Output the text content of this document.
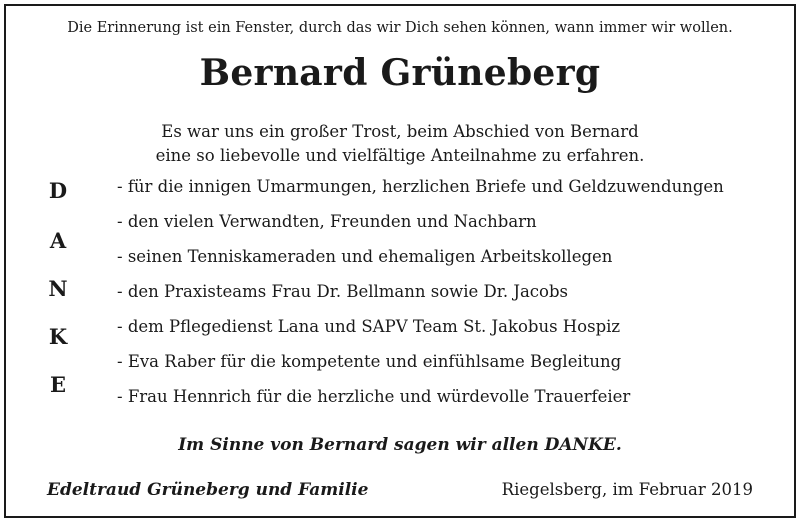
Die Erinnerung ist ein Fenster, durch das wir Dich sehen können, wann immer wir wollen.
Bernard Grüneberg
Es war uns ein großer Trost, beim Abschied von Bernard
eine so liebevolle und vielfältige Anteilnahme zu erfahren.
D
A
N
K
E
- für die innigen Umarmungen, herzlichen Briefe und Geldzuwendungen
- den vielen Verwandten, Freunden und Nachbarn
- seinen Tenniskameraden und ehemaligen Arbeitskollegen
- den Praxisteams Frau Dr. Bellmann sowie Dr. Jacobs
- dem Pflegedienst Lana und SAPV Team St. Jakobus Hospiz
- Eva Raber für die kompetente und einfühlsame Begleitung
- Frau Hennrich für die herzliche und würdevolle Trauerfeier
Im Sinne von Bernard sagen wir allen DANKE.
Edeltraud Grüneberg und Familie	Riegelsberg, im Februar 2019
